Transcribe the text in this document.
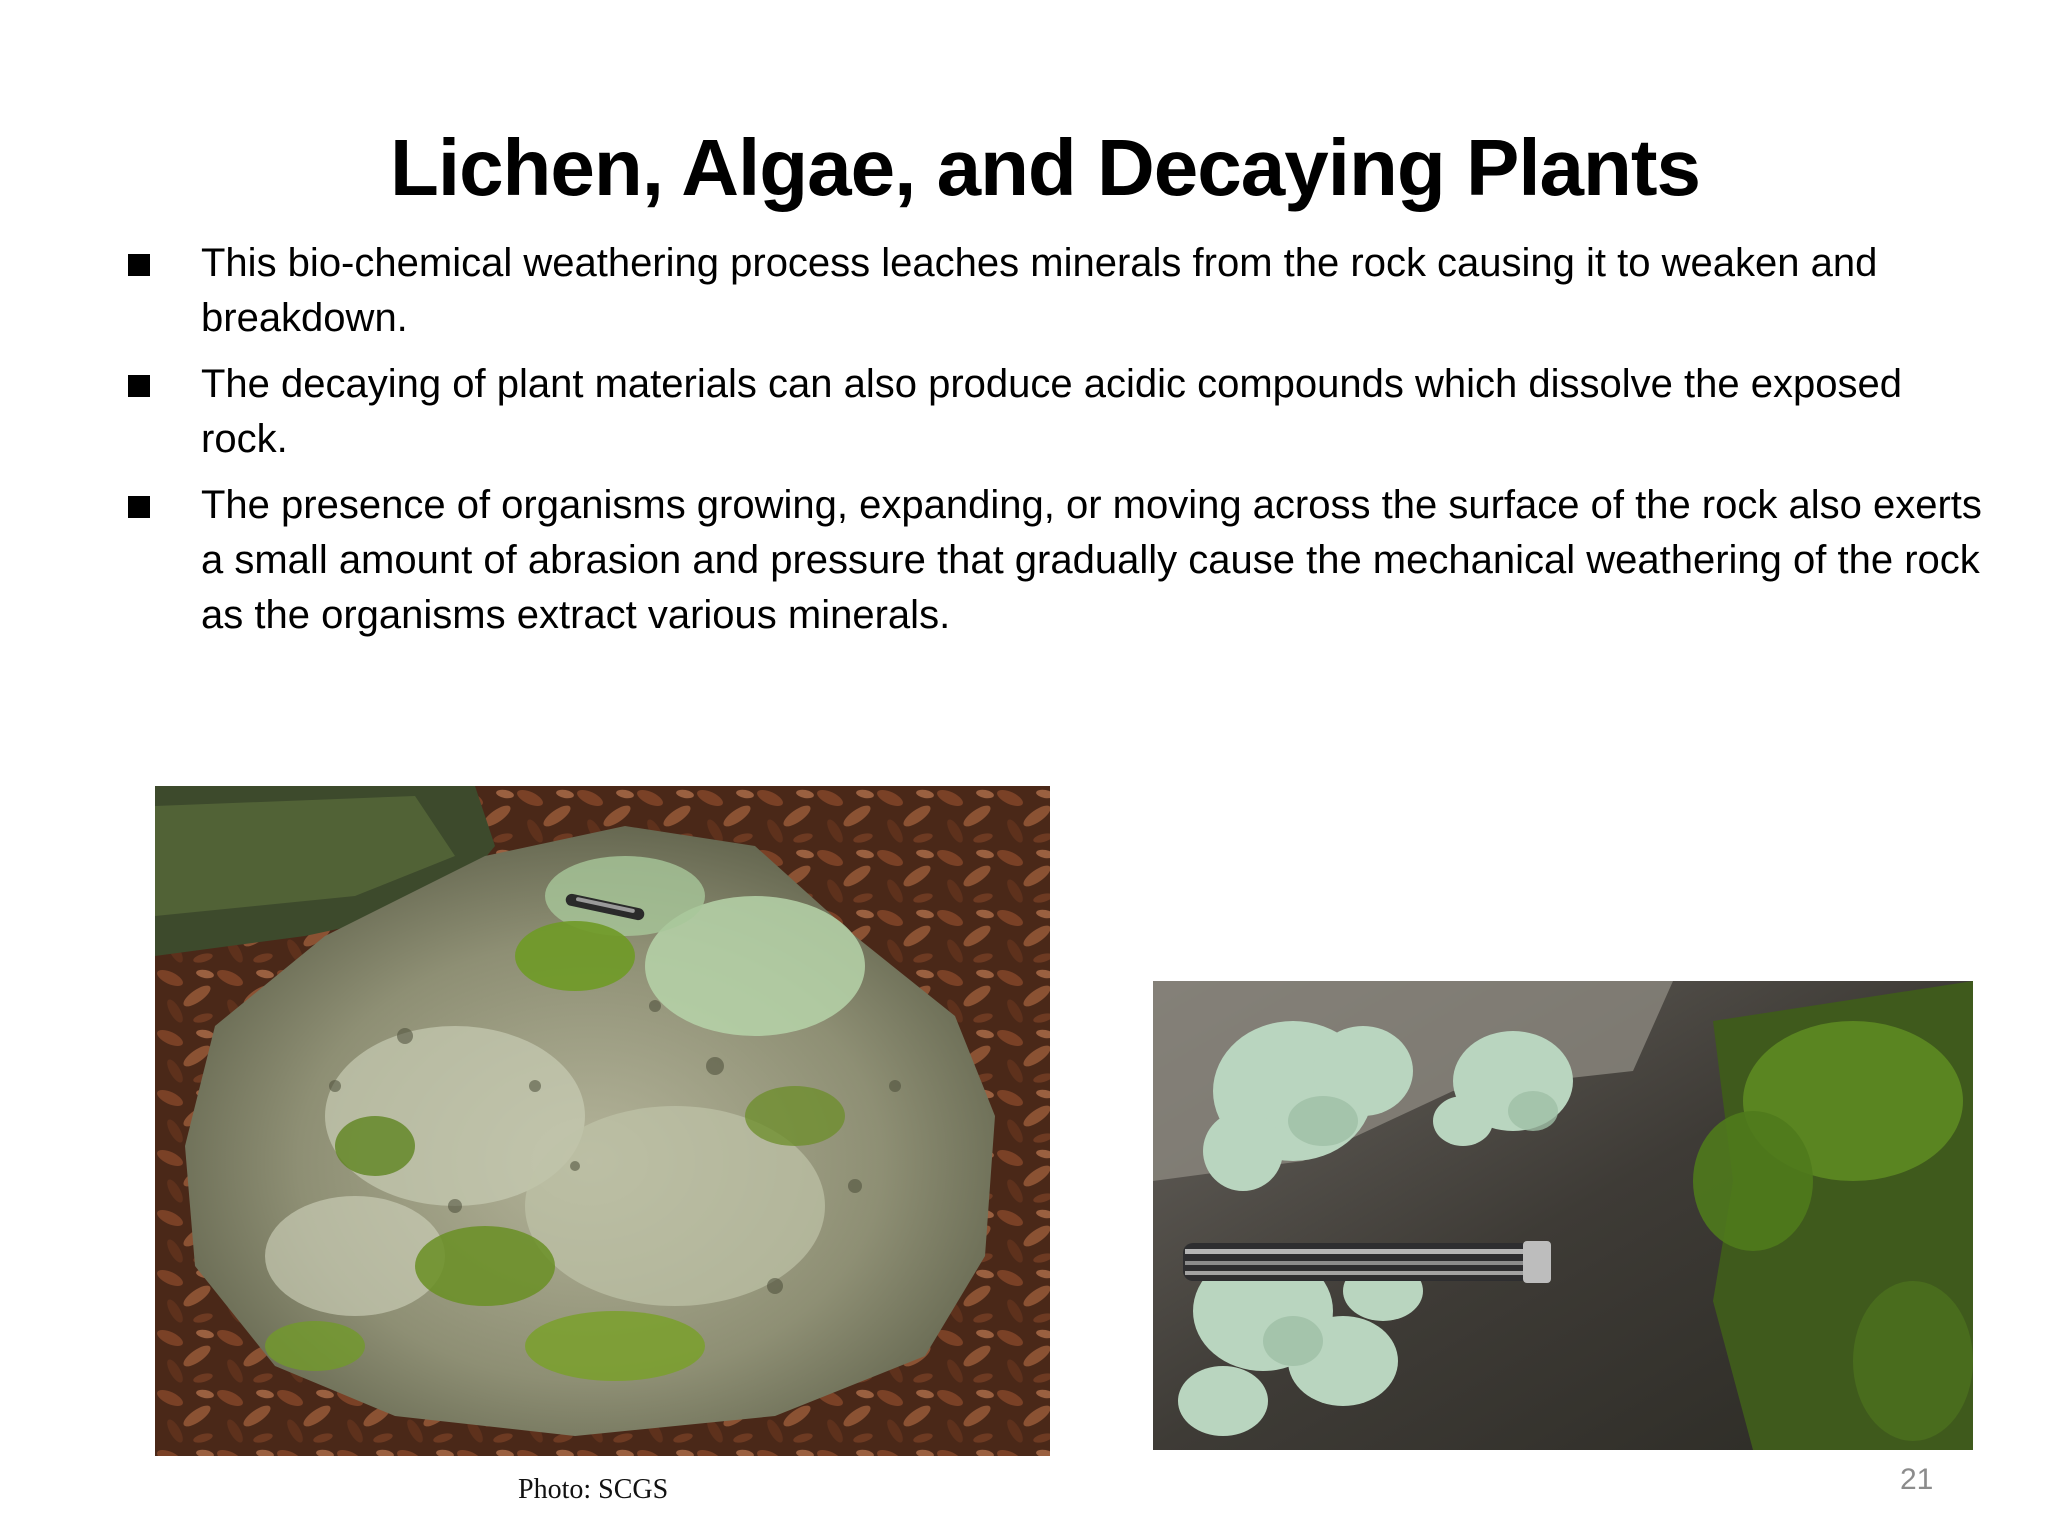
Lichen, Algae, and Decaying Plants
This bio-chemical weathering process leaches minerals from the rock causing it to weaken and breakdown.
The decaying of plant materials can also produce acidic compounds which dissolve the exposed rock.
The presence of organisms growing, expanding, or moving across the surface of the rock also exerts a small amount of abrasion and pressure that gradually cause the mechanical weathering of the rock as the organisms extract various minerals.
Photo: SCGS	21
